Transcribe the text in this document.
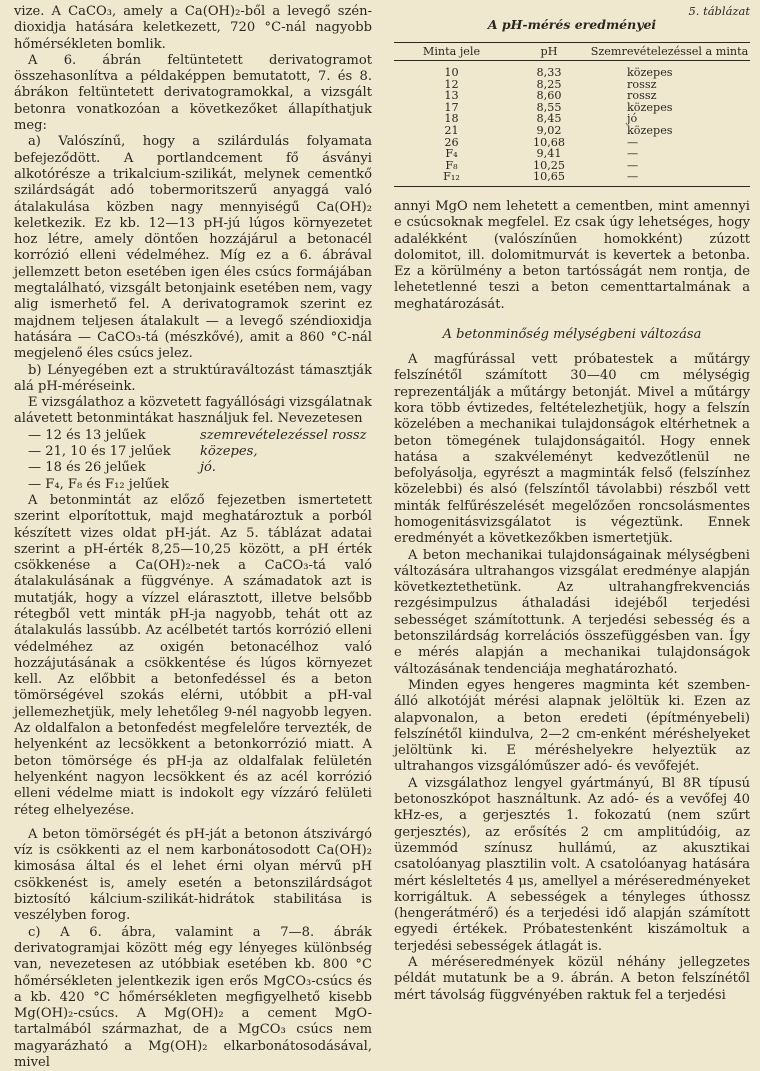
vize. A CaCO₃, amely a Ca(OH)₂-ből a levegő szén-dioxidja hatására keletkezett, 720 °C-nál nagyobb hőmérsékleten bomlik.

A 6. ábrán feltüntetett derivatogramot összehasonlítva a példaképpen bemutatott, 7. és 8. ábrákon feltüntetett derivatogramokkal, a vizsgált betonra vonatkozóan a következőket állapíthatjuk meg:

a) Valószínű, hogy a szilárdulás folyamata befejeződött. A portlandcement fő ásványi alkotórésze a trikalcium-szilikát, melynek cementkő szilárdságát adó tobermoritszerű anyaggá való átalakulása közben nagy mennyiségű Ca(OH)₂ keletkezik. Ez kb. 12—13 pH-jú lúgos környezetet hoz létre, amely döntően hozzájárul a betonacél korrózió elleni védelméhez. Míg ez a 6. ábrával jellemzett beton esetében igen éles csúcs formájában megtalálható, vizsgált betonjaink esetében nem, vagy alig ismerhető fel. A derivatogramok szerint ez majdnem teljesen átalakult — a levegő széndioxidja hatására — CaCO₃-tá (mészkővé), amit a 860 °C-nál megjelenő éles csúcs jelez.

b) Lényegében ezt a struktúraváltozást támasztják alá pH-méréseink.

E vizsgálathoz a közvetett fagyállósági vizsgálatnak alávetett betonmintákat használjuk fel. Nevezetesen

— 12 és 13 jelűek	szemrevételezéssel rossz
— 21, 10 és 17 jelűek	közepes,
— 18 és 26 jelűek	jó.
— F₄, F₈ és F₁₂ jelűek

A betonmintát az előző fejezetben ismertetett szerint elporítottuk, majd meghatároztuk a porból készített vizes oldat pH-ját. Az 5. táblázat adatai szerint a pH-érték 8,25—10,25 között, a pH érték csökkenése a Ca(OH)₂-nek a CaCO₃-tá való átalakulásának a függvénye. A számadatok azt is mutatják, hogy a vízzel elárasztott, illetve belsőbb rétegből vett minták pH-ja nagyobb, tehát ott az átalakulás lassúbb. Az acélbetét tartós korrózió elleni védelméhez az oxigén betonacélhoz való hozzájutásának a csökkentése és lúgos környezet kell. Az előbbit a betonfedéssel és a beton tömörségével szokás elérni, utóbbit a pH-val jellemezhetjük, mely lehetőleg 9-nél nagyobb legyen. Az oldalfalon a betonfedést megfelelőre tervezték, de helyenként az lecsökkent a betonkorrózió miatt. A beton tömörsége és pH-ja az oldalfalak felületén helyenként nagyon lecsökkent és az acél korrózió elleni védelme miatt is indokolt egy vízzáró felületi réteg elhelyezése.

A beton tömörségét és pH-ját a betonon átszivárgó víz is csökkenti az el nem karbonátosodott Ca(OH)₂ kimosása által és el lehet érni olyan mérvű pH csökkenést is, amely esetén a betonszilárdságot biztosító kálcium-szilikát-hidrátok stabilitása is veszélyben forog.

c) A 6. ábra, valamint a 7—8. ábrák derivatogramjai között még egy lényeges különbség van, nevezetesen az utóbbiak esetében kb. 800 °C hőmérsékleten jelentkezik igen erős MgCO₃-csúcs és a kb. 420 °C hőmérsékleten megfigyelhető kisebb Mg(OH)₂-csúcs. A Mg(OH)₂ a cement MgO-tartalmából származhat, de a MgCO₃ csúcs nem magyarázható a Mg(OH)₂ elkarbonátosodásával, mivel

5. táblázat
A pH-mérés eredményei
Minta jele	pH	Szemrevételezéssel a minta
10	8,33	közepes
12	8,25	rossz
13	8,60	rossz
17	8,55	közepes
18	8,45	jó
21	9,02	közepes
26	10,68	—
F₄	9,41	—
F₈	10,25	—
F₁₂	10,65	—

annyi MgO nem lehetett a cementben, mint amennyi e csúcsoknak megfelel. Ez csak úgy lehetséges, hogy adalékként (valószínűen homokként) zúzott dolomitot, ill. dolomitmurvát is kevertek a betonba. Ez a körülmény a beton tartósságát nem rontja, de lehetetlenné teszi a beton cementtartalmának a meghatározását.

A betonminőség mélységbeni változása

A magfúrással vett próbatestek a műtárgy felszínétől számított 30—40 cm mélységig reprezentálják a műtárgy betonját. Mivel a műtárgy kora több évtizedes, feltételezhetjük, hogy a felszín közelében a mechanikai tulajdonságok eltérhetnek a beton tömegének tulajdonságaitól. Hogy ennek hatása a szakvéleményt kedvezőtlenül ne befolyásolja, egyrészt a magminták felső (felszínhez közelebbi) és alsó (felszíntől távolabbi) részből vett minták felfűrészelését megelőzően roncsolásmentes homogenitásvizsgálatot is végeztünk. Ennek eredményét a következőkben ismertetjük.

A beton mechanikai tulajdonságainak mélységbeni változására ultrahangos vizsgálat eredménye alapján következtethetünk. Az ultrahangfrekvenciás rezgésimpulzus áthaladási idejéből terjedési sebességet számítottunk. A terjedési sebesség és a betonszilárdság korrelációs összefüggésben van. Így e mérés alapján a mechanikai tulajdonságok változásának tendenciája meghatározható.

Minden egyes hengeres magminta két szemben-álló alkotóját mérési alapnak jelöltük ki. Ezen az alapvonalon, a beton eredeti (építményebeli) felszínétől kiindulva, 2—2 cm-enként méréshelyeket jelöltünk ki. E méréshelyekre helyeztük az ultrahangos vizsgálóműszer adó- és vevőfejét.

A vizsgálathoz lengyel gyártmányú, Bl 8R típusú betonoszkópot használtunk. Az adó- és a vevőfej 40 kHz-es, a gerjesztés 1. fokozatú (nem szűrt gerjesztés), az erősítés 2 cm amplitúdóig, az üzemmód színusz hullámú, az akusztikai csatolóanyag plasztilin volt. A csatolóanyag hatására mért késleltetés 4 μs, amellyel a méréseredményeket korrigáltuk. A sebességek a tényleges úthossz (hengerátmérő) és a terjedési idő alapján számított egyedi értékek. Próbatestenként kiszámoltuk a terjedési sebességek átlagát is.

A méréseredmények közül néhány jellegzetes példát mutatunk be a 9. ábrán. A beton felszínétől mért távolság függvényében raktuk fel a terjedési
